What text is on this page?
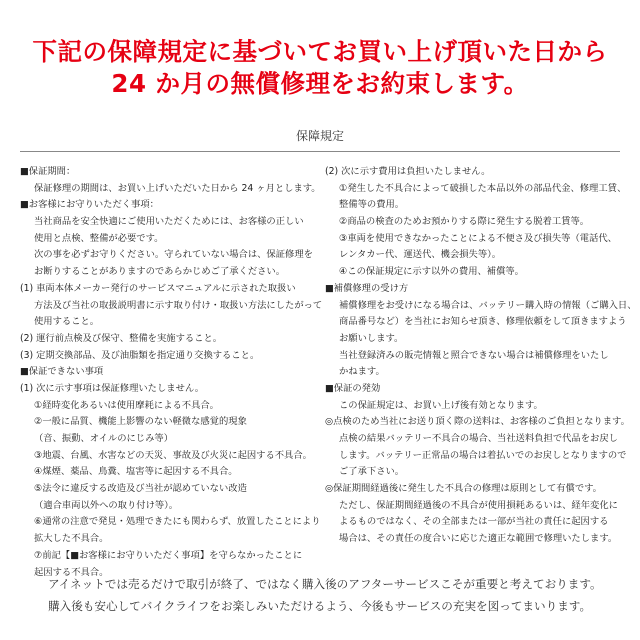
下記の保障規定に基づいてお買い上げ頂いた日から
24 か月の無償修理をお約束します。
保障規定
■保証期間：
保証修理の期間は、お買い上げいただいた日から 24 ヶ月とします。
■お客様にお守りいただく事項：
当社商品を安全快適にご使用いただくためには、お客様の正しい
使用と点検、整備が必要です。
次の事を必ずお守りください。守られていない場合は、保証修理を
お断りすることがありますのであらかじめご了承ください。
(1) 車両本体メーカー発行のサービスマニュアルに示された取扱い
方法及び当社の取扱説明書に示す取り付け・取扱い方法にしたがって
使用すること。
(2) 運行前点検及び保守、整備を実施すること。
(3) 定期交換部品、及び油脂類を指定通り交換すること。
■保証できない事項
(1) 次に示す事項は保証修理いたしません。
①経時変化あるいは使用摩耗による不具合。
②一般に品質、機能上影響のない軽微な感覚的現象
（音、振動、オイルのにじみ等）
③地震、台風、水害などの天災、事故及び火災に起因する不具合。
④煤煙、薬品、鳥糞、塩害等に起因する不具合。
⑤法令に違反する改造及び当社が認めていない改造
（適合車両以外への取り付け等）。
⑥通常の注意で発見・処理できたにも関わらず、放置したことにより
拡大した不具合。
⑦前記【■お客様にお守りいただく事項】を守らなかったことに
起因する不具合。
(2) 次に示す費用は負担いたしません。
①発生した不具合によって破損した本品以外の部品代金、修理工賃、
整備等の費用。
②商品の検査のためお預かりする際に発生する脱着工賃等。
③車両を使用できなかったことによる不便さ及び損失等（電話代、
レンタカー代、運送代、機会損失等）。
④この保証規定に示す以外の費用、補償等。
■補償修理の受け方
補償修理をお受けになる場合は、バッテリー購入時の情報（ご購入日、
商品番号など）を当社にお知らせ頂き、修理依頼をして頂きますよう
お願いします。
当社登録済みの販売情報と照合できない場合は補償修理をいたし
かねます。
■保証の発効
この保証規定は、お買い上げ後有効となります。
◎点検のため当社にお送り頂く際の送料は、お客様のご負担となります。
点検の結果バッテリー不具合の場合、当社送料負担で代品をお戻し
します。バッテリー正常品の場合は着払いでのお戻しとなりますので
ご了承下さい。
◎保証期間経過後に発生した不具合の修理は原則として有償です。
ただし、保証期間経過後の不具合が使用損耗あるいは、経年変化に
よるものではなく、その全部または一部が当社の責任に起因する
場合は、その責任の度合いに応じた適正な範囲で修理いたします。
アイネットでは売るだけで取引が終了、ではなく購入後のアフターサービスこそが重要と考えております。
購入後も安心してバイクライフをお楽しみいただけるよう、今後もサービスの充実を図ってまいります。
